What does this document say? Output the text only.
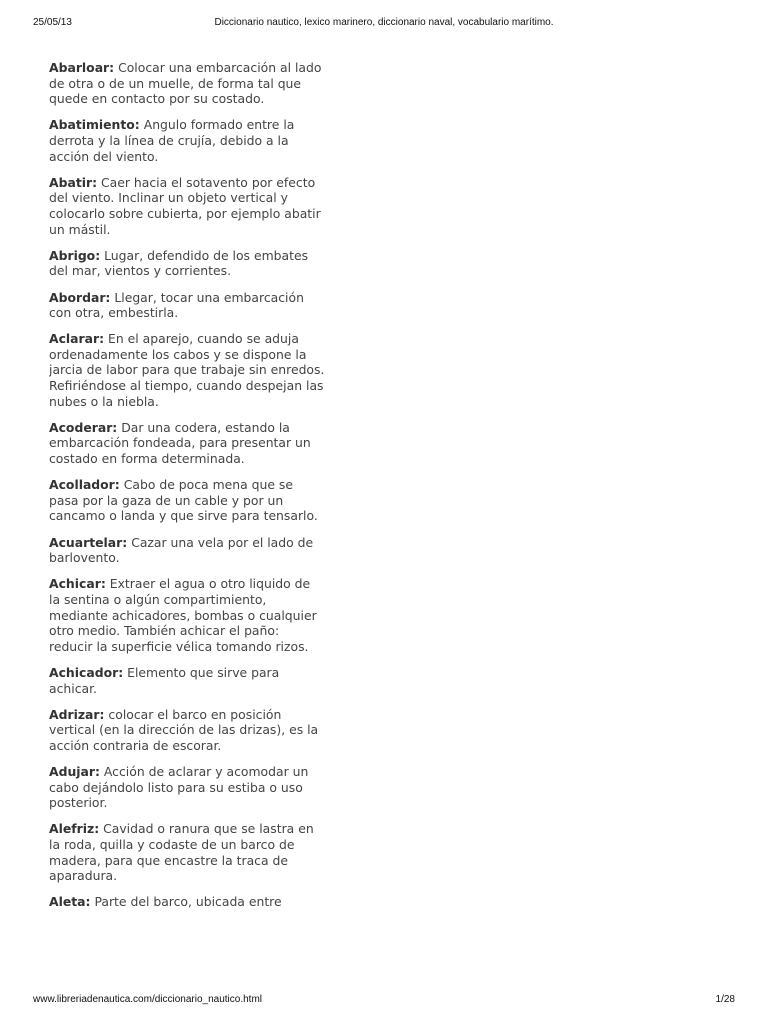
25/05/13	Diccionario nautico, lexico marinero, diccionario naval, vocabulario marítimo.

Abarloar: Colocar una embarcación al lado de otra o de un muelle, de forma tal que quede en contacto por su costado.

Abatimiento: Angulo formado entre la derrota y la línea de crujía, debido a la acción del viento.

Abatir: Caer hacia el sotavento por efecto del viento. Inclinar un objeto vertical y colocarlo sobre cubierta, por ejemplo abatir un mástil.

Abrigo: Lugar, defendido de los embates del mar, vientos y corrientes.

Abordar: Llegar, tocar una embarcación con otra, embestirla.

Aclarar: En el aparejo, cuando se aduja ordenadamente los cabos y se dispone la jarcia de labor para que trabaje sin enredos. Refiriéndose al tiempo, cuando despejan las nubes o la niebla.

Acoderar: Dar una codera, estando la embarcación fondeada, para presentar un costado en forma determinada.

Acollador: Cabo de poca mena que se pasa por la gaza de un cable y por un cancamo o landa y que sirve para tensarlo.

Acuartelar: Cazar una vela por el lado de barlovento.

Achicar: Extraer el agua o otro liquido de la sentina o algún compartimiento, mediante achicadores, bombas o cualquier otro medio. También achicar el paño: reducir la superficie vélica tomando rizos.

Achicador: Elemento que sirve para achicar.

Adrizar: colocar el barco en posición vertical (en la dirección de las drizas), es la acción contraria de escorar.

Adujar: Acción de aclarar y acomodar un cabo dejándolo listo para su estiba o uso posterior.

Alefriz: Cavidad o ranura que se lastra en la roda, quilla y codaste de un barco de madera, para que encastre la traca de aparadura.

Aleta: Parte del barco, ubicada entre

www.libreriadenautica.com/diccionario_nautico.html	1/28
